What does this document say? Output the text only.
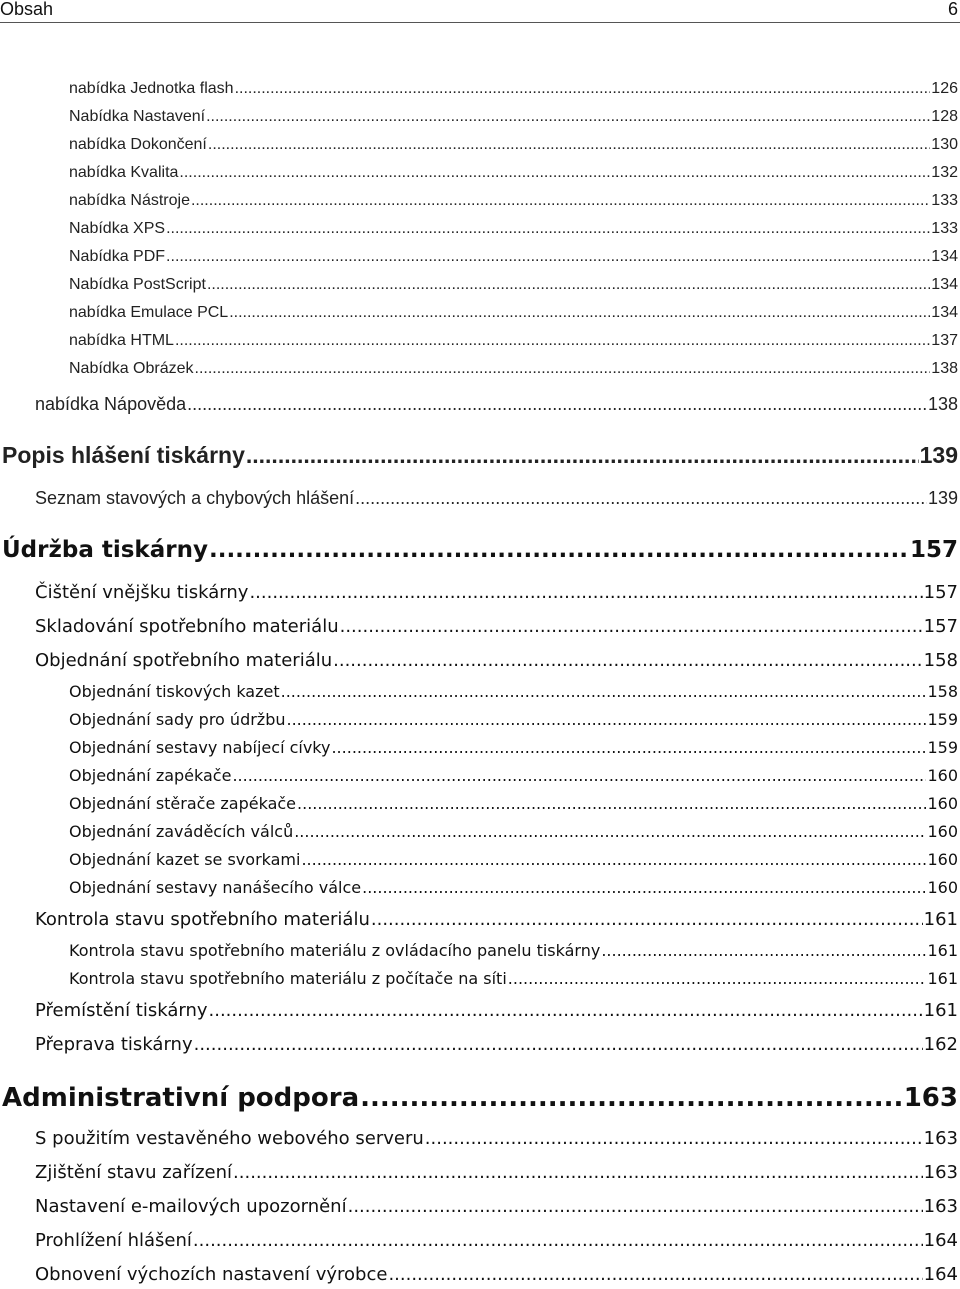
Obsah	6
nabídka Jednotka flash .....	126
Nabídka Nastavení .....	128
nabídka Dokončení .....	130
nabídka Kvalita .....	132
nabídka Nástroje .....	133
Nabídka XPS .....	133
Nabídka PDF .....	134
Nabídka PostScript .....	134
nabídka Emulace PCL .....	134
nabídka HTML .....	137
Nabídka Obrázek .....	138
nabídka Nápověda .....	138
Popis hlášení tiskárny .....	139
Seznam stavových a chybových hlášení .....	139
Údržba tiskárny .....	157
Čištění vnějšku tiskárny .....	157
Skladování spotřebního materiálu .....	157
Objednání spotřebního materiálu .....	158
Objednání tiskových kazet .....	158
Objednání sady pro údržbu .....	159
Objednání sestavy nabíjecí cívky .....	159
Objednání zapékače .....	160
Objednání stěrače zapékače .....	160
Objednání zaváděcích válců .....	160
Objednání kazet se svorkami .....	160
Objednání sestavy nanášecího válce .....	160
Kontrola stavu spotřebního materiálu .....	161
Kontrola stavu spotřebního materiálu z ovládacího panelu tiskárny .....	161
Kontrola stavu spotřebního materiálu z počítače na síti .....	161
Přemístění tiskárny .....	161
Přeprava tiskárny .....	162
Administrativní podpora .....	163
S použitím vestavěného webového serveru .....	163
Zjištění stavu zařízení .....	163
Nastavení e-mailových upozornění .....	163
Prohlížení hlášení .....	164
Obnovení výchozích nastavení výrobce .....	164
